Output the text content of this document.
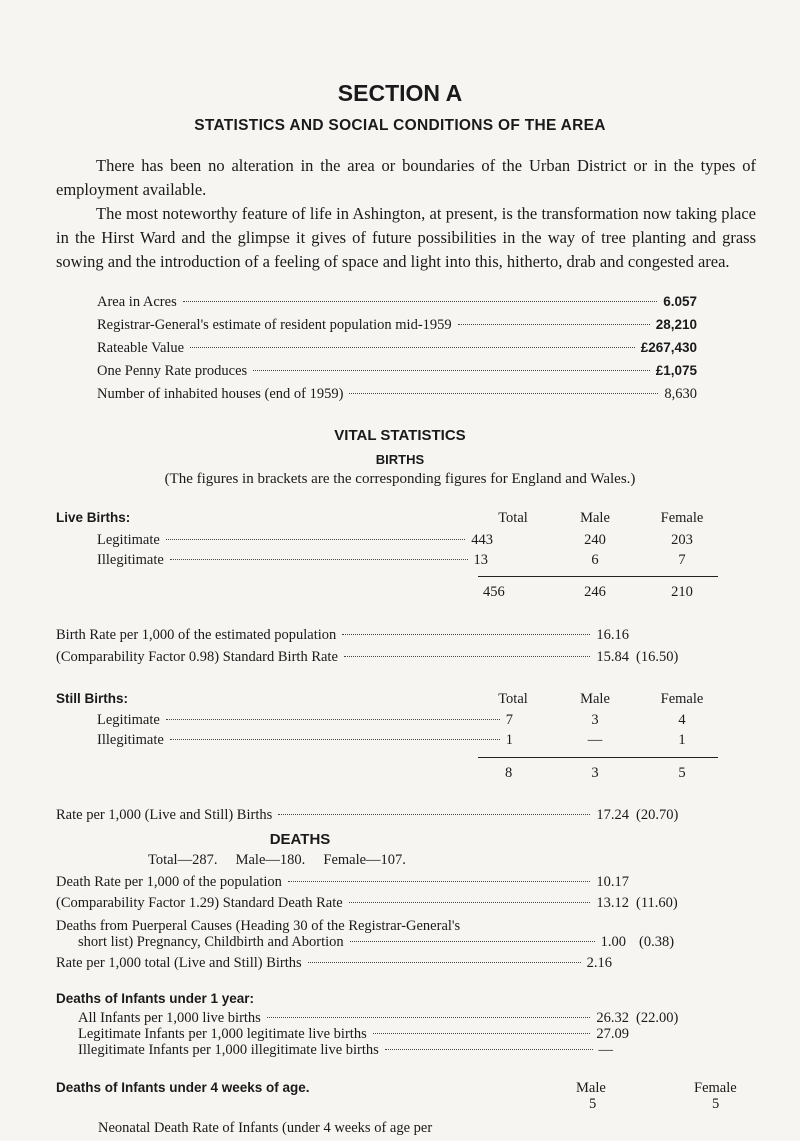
SECTION A
STATISTICS AND SOCIAL CONDITIONS OF THE AREA
There has been no alteration in the area or boundaries of the Urban District or in the types of employment available.
The most noteworthy feature of life in Ashington, at present, is the transformation now taking place in the Hirst Ward and the glimpse it gives of future possibilities in the way of tree planting and grass sowing and the introduction of a feeling of space and light into this, hitherto, drab and congested area.
Area in Acres	6.057
Registrar-General's estimate of resident population mid-1959	28,210
Rateable Value	£267,430
One Penny Rate produces	£1,075
Number of inhabited houses (end of 1959)	8,630
VITAL STATISTICS
BIRTHS
(The figures in brackets are the corresponding figures for England and Wales.)
Live Births:	Total	Male	Female
Legitimate	443	240	203
Illegitimate	13	6	7
456	246	210
Birth Rate per 1,000 of the estimated population	16.16
(Comparability Factor 0.98) Standard Birth Rate	15.84 (16.50)
Still Births:	Total	Male	Female
Legitimate	7	3	4
Illegitimate	1	—	1
8	3	5
Rate per 1,000 (Live and Still) Births	17.24 (20.70)
DEATHS
Total—287.     Male—180.     Female—107.
Death Rate per 1,000 of the population	10.17
(Comparability Factor 1.29) Standard Death Rate	13.12 (11.60)
Deaths from Puerperal Causes (Heading 30 of the Registrar-General's
short list) Pregnancy, Childbirth and Abortion	1.00 (0.38)
Rate per 1,000 total (Live and Still) Births	2.16
Deaths of Infants under 1 year:
All Infants per 1,000 live births	26.32 (22.00)
Legitimate Infants per 1,000 legitimate live births	27.09
Illegitimate Infants per 1,000 illegitimate live births	—
Deaths of Infants under 4 weeks of age.	Male	Female
5	5
Neonatal Death Rate of Infants (under 4 weeks of age per
